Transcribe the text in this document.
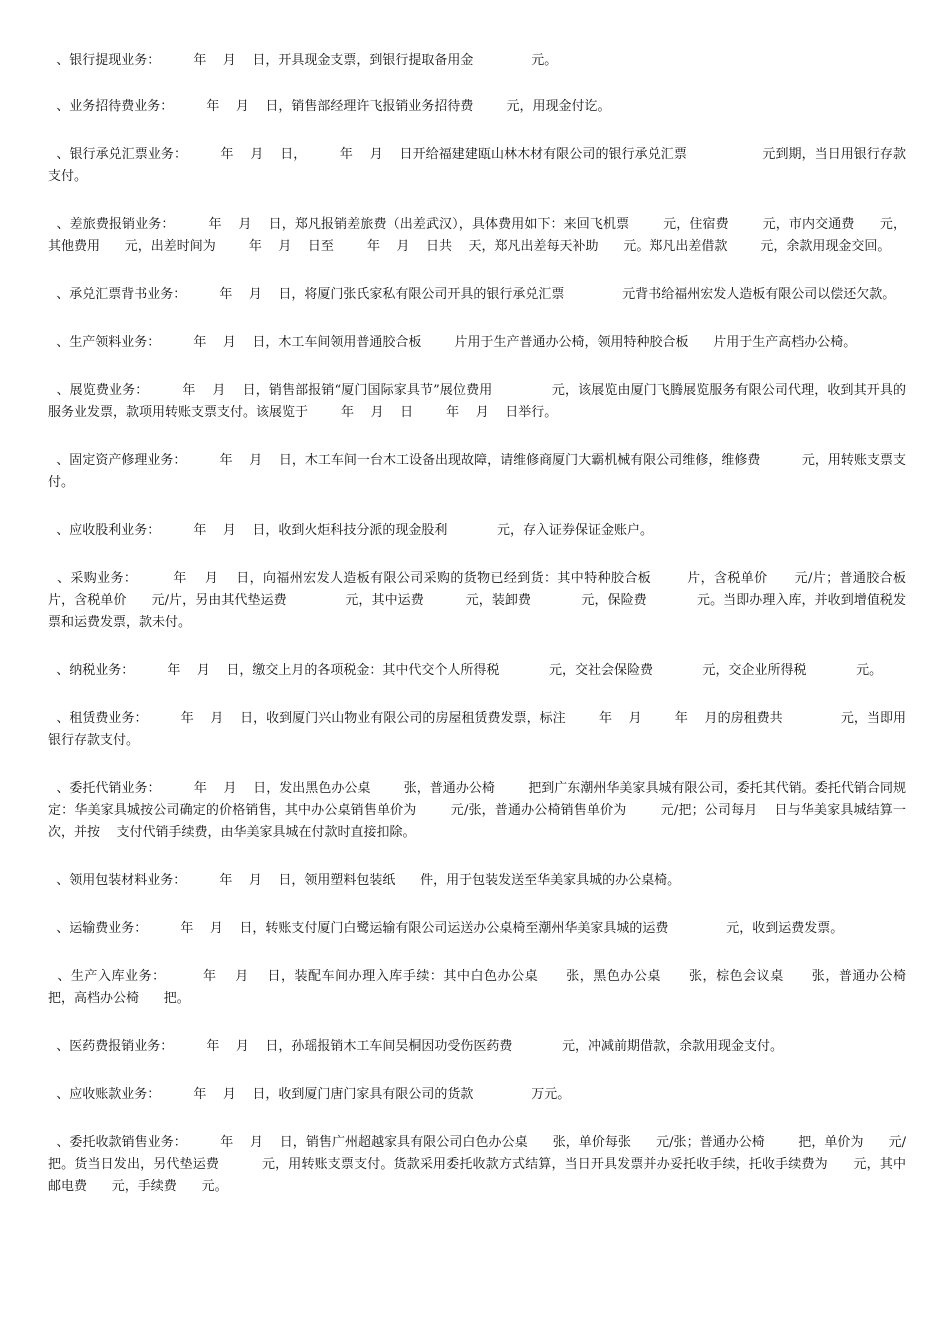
、银行提现业务：        年    月    日，开具现金支票，到银行提取备用金              元。

、业务招待费业务：        年    月    日，销售部经理许飞报销业务招待费        元，用现金付讫。

、银行承兑汇票业务：        年    月    日，        年    月    日开给福建建瓯山林木材有限公司的银行承兑汇票                  元到期，当日用银行存款支付。

、差旅费报销业务：        年    月    日，郑凡报销差旅费（出差武汉），具体费用如下：来回飞机票        元，住宿费        元，市内交通费      元，其他费用      元，出差时间为        年    月    日至        年    月    日共    天，郑凡出差每天补助      元。郑凡出差借款        元，余款用现金交回。

、承兑汇票背书业务：        年    月    日，将厦门张氏家私有限公司开具的银行承兑汇票              元背书给福州宏发人造板有限公司以偿还欠款。

、生产领料业务：        年    月    日，木工车间领用普通胶合板        片用于生产普通办公椅，领用特种胶合板      片用于生产高档办公椅。

、展览费业务：        年    月    日，销售部报销“厦门国际家具节”展位费用              元，该展览由厦门飞腾展览服务有限公司代理，收到其开具的服务业发票，款项用转账支票支付。该展览于        年    月    日        年    月    日举行。

、固定资产修理业务：        年    月    日，木工车间一台木工设备出现故障，请维修商厦门大霸机械有限公司维修，维修费          元，用转账支票支付。

、应收股利业务：        年    月    日，收到火炬科技分派的现金股利            元，存入证券保证金账户。

、采购业务：        年    月    日，向福州宏发人造板有限公司采购的货物已经到货：其中特种胶合板        片，含税单价      元/片；普通胶合板        片，含税单价      元/片，另由其代垫运费              元，其中运费          元，装卸费            元，保险费            元。当即办理入库，并收到增值税发票和运费发票，款未付。

、纳税业务：        年    月    日，缴交上月的各项税金：其中代交个人所得税            元，交社会保险费            元，交企业所得税            元。

、租赁费业务：        年    月    日，收到厦门兴山物业有限公司的房屋租赁费发票，标注        年    月        年    月的房租费共              元，当即用银行存款支付。

、委托代销业务：        年    月    日，发出黑色办公桌        张，普通办公椅        把到广东潮州华美家具城有限公司，委托其代销。委托代销合同规定：华美家具城按公司确定的价格销售，其中办公桌销售单价为        元/张，普通办公椅销售单价为        元/把；公司每月    日与华美家具城结算一次，并按    支付代销手续费，由华美家具城在付款时直接扣除。

、领用包装材料业务：        年    月    日，领用塑料包装纸      件，用于包装发送至华美家具城的办公桌椅。

、运输费业务：        年    月    日，转账支付厦门白鹭运输有限公司运送办公桌椅至潮州华美家具城的运费              元，收到运费发票。

、生产入库业务：        年    月    日，装配车间办理入库手续：其中白色办公桌      张，黑色办公桌      张，棕色会议桌      张，普通办公椅      把，高档办公椅      把。

、医药费报销业务：        年    月    日，孙瑶报销木工车间吴桐因功受伤医药费            元，冲减前期借款，余款用现金支付。

、应收账款业务：        年    月    日，收到厦门唐门家具有限公司的货款              万元。

、委托收款销售业务：        年    月    日，销售广州超越家具有限公司白色办公桌      张，单价每张      元/张；普通办公椅        把，单价为      元/把。货当日发出，另代垫运费          元，用转账支票支付。货款采用委托收款方式结算，当日开具发票并办妥托收手续，托收手续费为      元，其中邮电费      元，手续费      元。
